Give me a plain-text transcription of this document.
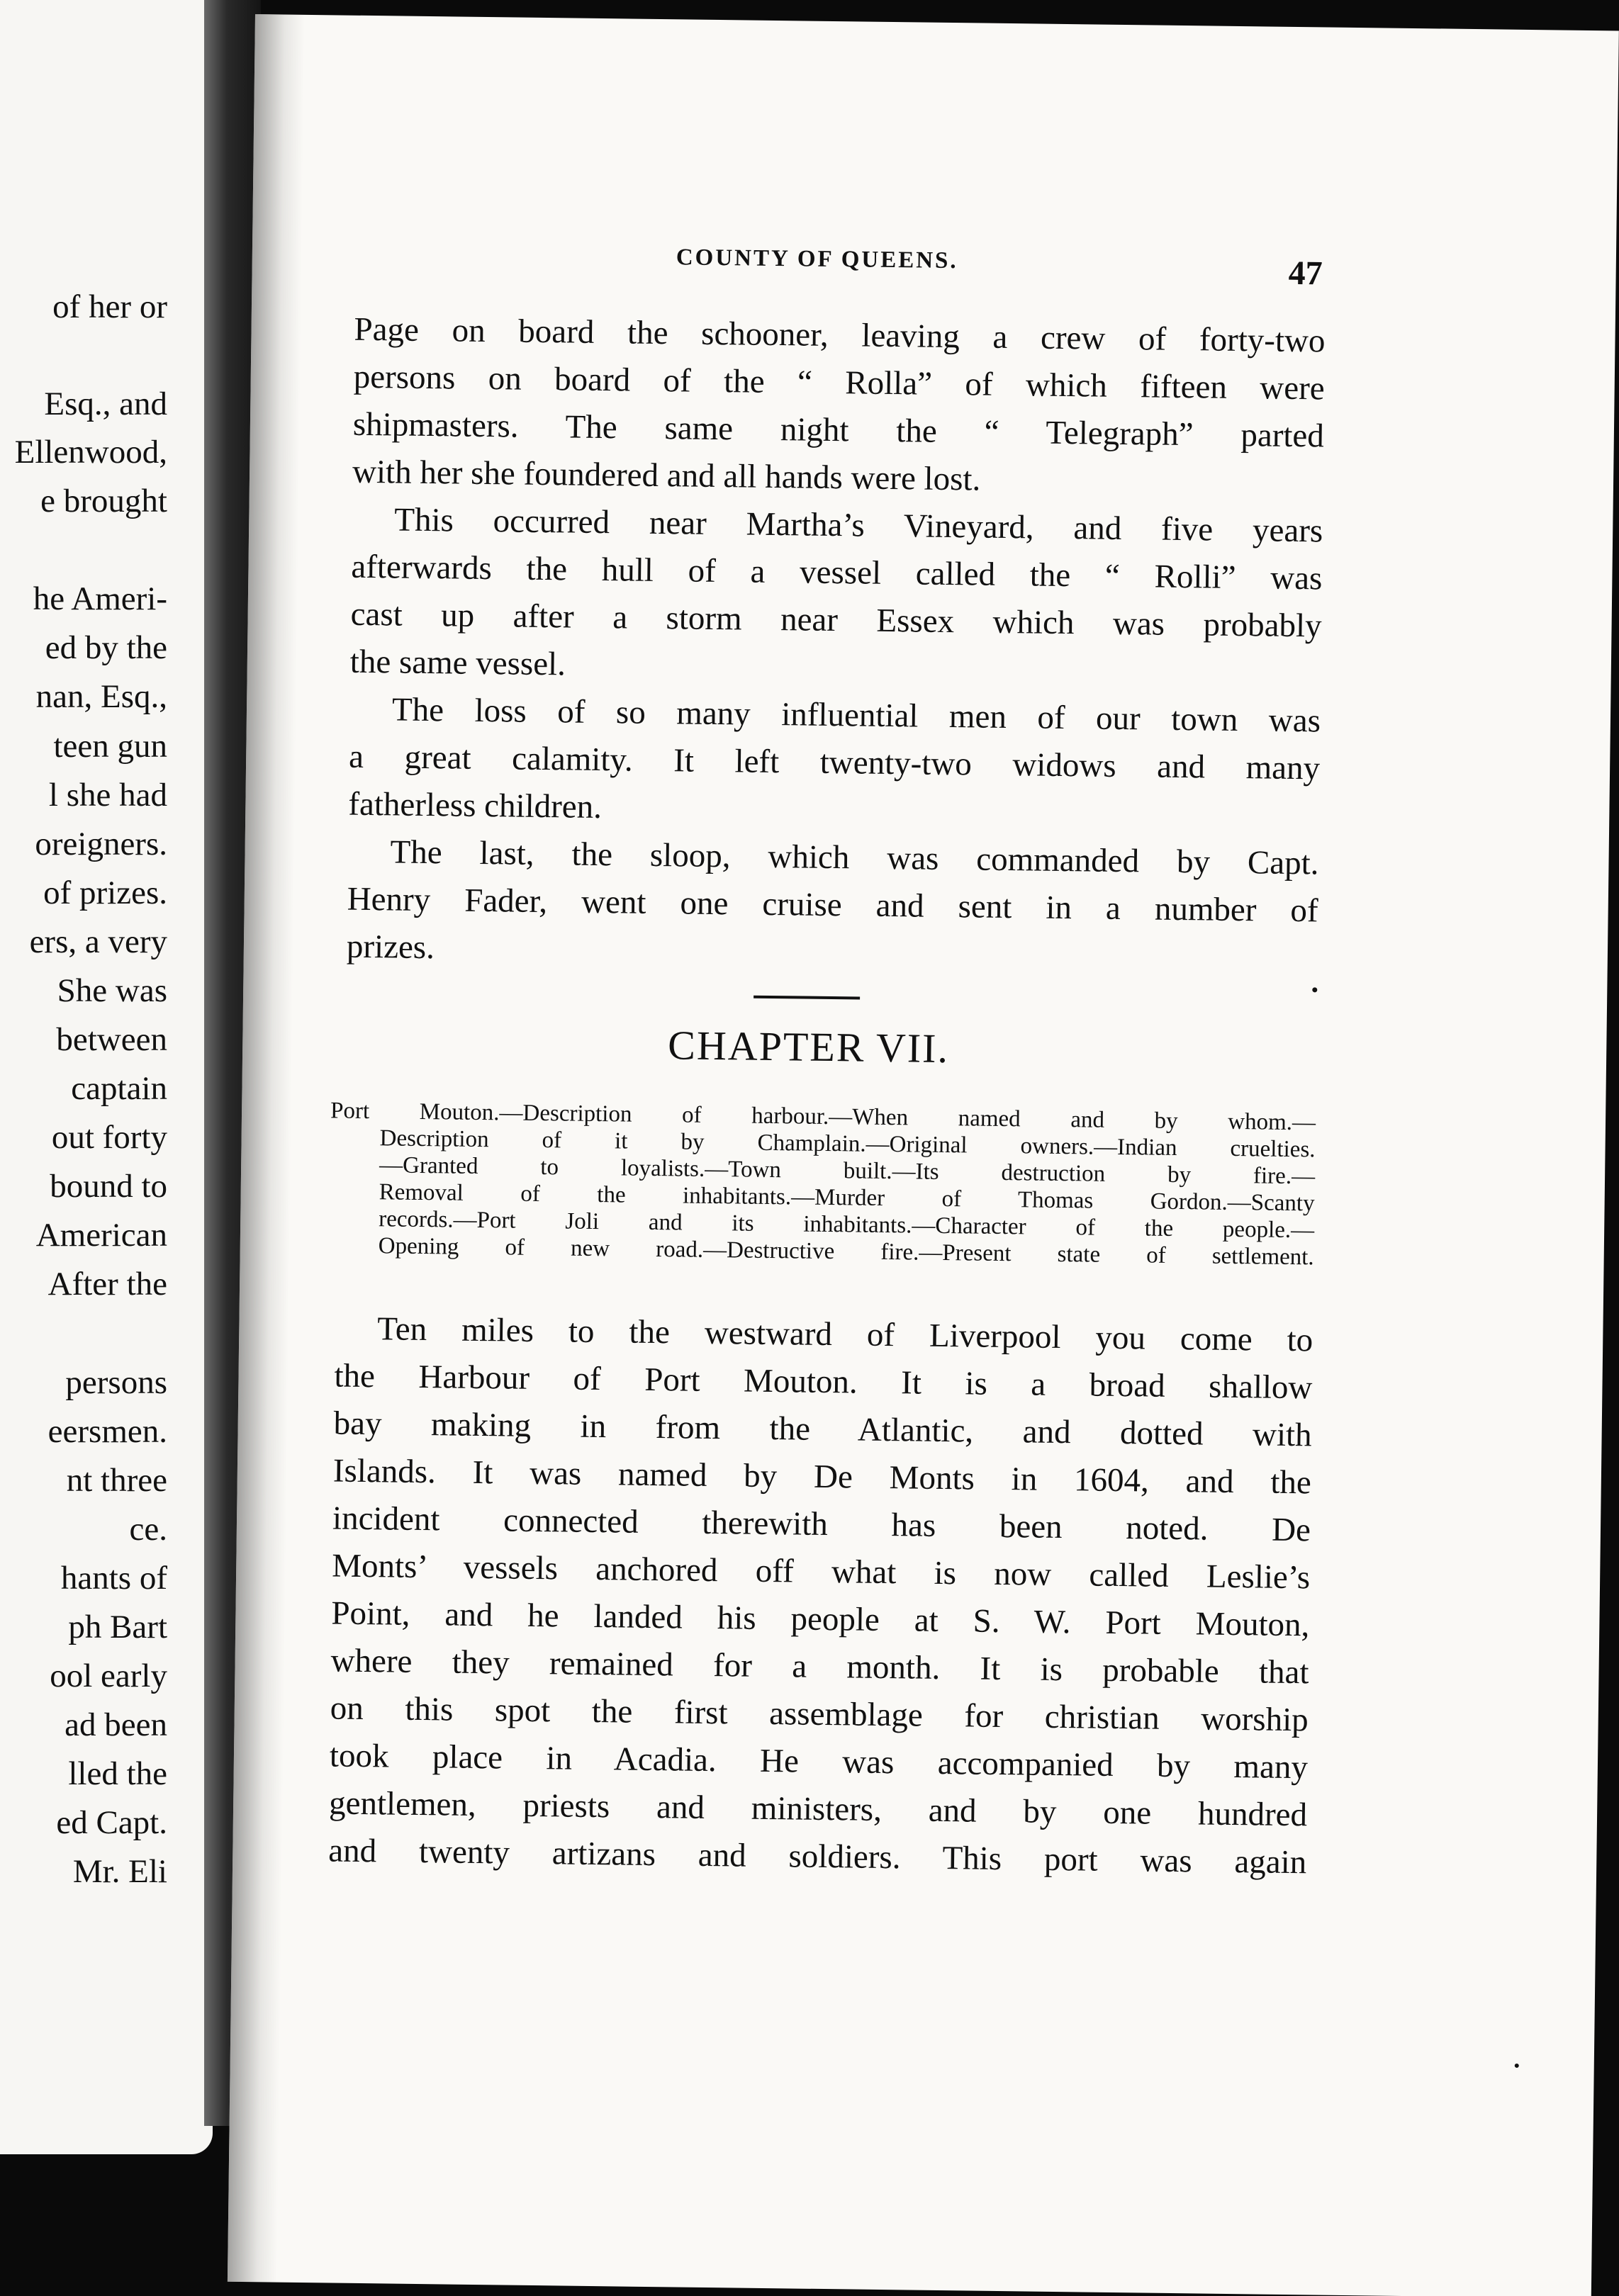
of her or
Esq., and
Ellenwood,
e brought
he Ameri-
ed by the
nan, Esq.,
teen gun
l she had
oreigners.
of prizes.
ers, a very
She was
between
captain
out forty
bound to
American
After the
persons
eersmen.
nt three
ce.
hants of
ph Bart
ool early
ad been
lled the
ed Capt.
Mr. Eli
COUNTY OF QUEENS.	47
Page on board the schooner, leaving a crew of forty-two
persons on board of the “ Rolla” of which fifteen were
shipmasters. The same night the “ Telegraph” parted
with her she foundered and all hands were lost.
This occurred near Martha’s Vineyard, and five years
afterwards the hull of a vessel called the “ Rolli” was
cast up after a storm near Essex which was probably
the same vessel.
The loss of so many influential men of our town was
a great calamity. It left twenty-two widows and many
fatherless children.
The last, the sloop, which was commanded by Capt.
Henry Fader, went one cruise and sent in a number of
prizes.
CHAPTER VII.
Port Mouton.—Description of harbour.—When named and by whom.—
Description of it by Champlain.—Original owners.—Indian cruelties.
—Granted to loyalists.—Town built.—Its destruction by fire.—
Removal of the inhabitants.—Murder of Thomas Gordon.—Scanty
records.—Port Joli and its inhabitants.—Character of the people.—
Opening of new road.—Destructive fire.—Present state of settlement.
Ten miles to the westward of Liverpool you come to
the Harbour of Port Mouton. It is a broad shallow
bay making in from the Atlantic, and dotted with
Islands. It was named by De Monts in 1604, and the
incident connected therewith has been noted. De
Monts’ vessels anchored off what is now called Leslie’s
Point, and he landed his people at S. W. Port Mouton,
where they remained for a month. It is probable that
on this spot the first assemblage for christian worship
took place in Acadia. He was accompanied by many
gentlemen, priests and ministers, and by one hundred
and twenty artizans and soldiers. This port was again
